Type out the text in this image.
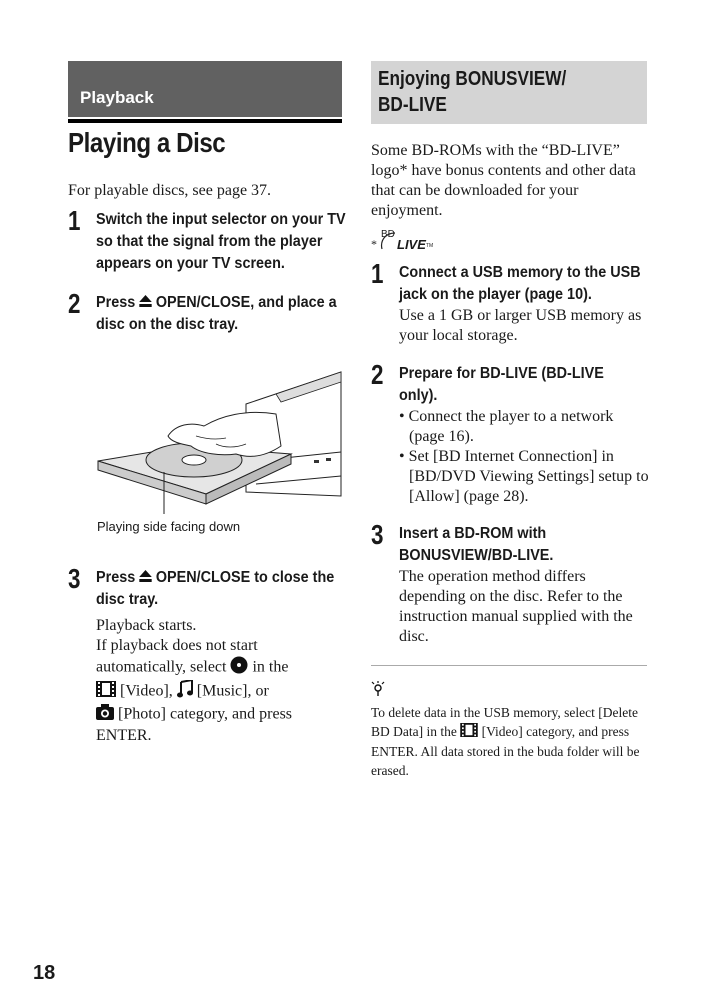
Playback
Playing a Disc

For playable discs, see page 37.

1 Switch the input selector on your TV so that the signal from the player appears on your TV screen.
2 Press  OPEN/CLOSE, and place a disc on the disc tray.
Playing side facing down
3 Press  OPEN/CLOSE to close the disc tray.
Playback starts.
If playback does not start automatically, select in the
[Video], [Music], or
[Photo] category, and press ENTER.
Enjoying BONUSVIEW/
BD-LIVE

Some BD-ROMs with the “BD-LIVE” logo* have bonus contents and other data that can be downloaded for your enjoyment.

*
BD
LIVE TM
1 Connect a USB memory to the USB jack on the player (page 10).
Use a 1 GB or larger USB memory as your local storage.
2 Prepare for BD-LIVE (BD-LIVE only).
• Connect the player to a network (page 16).
• Set [BD Internet Connection] in [BD/DVD Viewing Settings] setup to [Allow] (page 28).
3 Insert a BD-ROM with BONUSVIEW/BD-LIVE.
The operation method differs depending on the disc. Refer to the instruction manual supplied with the disc.
To delete data in the USB memory, select [Delete BD Data] in the [Video] category, and press ENTER. All data stored in the buda folder will be erased.
18
